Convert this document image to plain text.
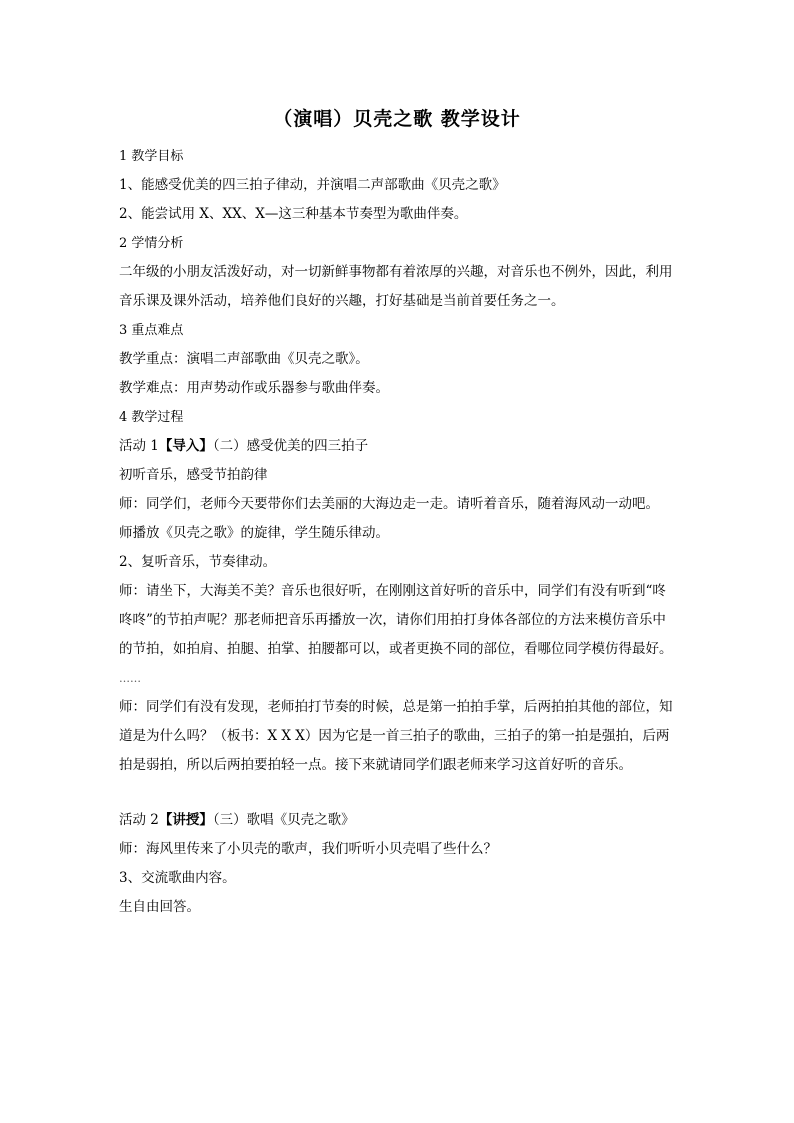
（演唱）贝壳之歌 教学设计

1 教学目标

1、能感受优美的四三拍子律动，并演唱二声部歌曲《贝壳之歌》

2、能尝试用 X、XX、X—这三种基本节奏型为歌曲伴奏。

2 学情分析

二年级的小朋友活泼好动，对一切新鲜事物都有着浓厚的兴趣，对音乐也不例外，因此，利用音乐课及课外活动，培养他们良好的兴趣，打好基础是当前首要任务之一。

3 重点难点

教学重点：演唱二声部歌曲《贝壳之歌》。

教学难点：用声势动作或乐器参与歌曲伴奏。

4 教学过程

活动 1【导入】（二）感受优美的四三拍子

初听音乐，感受节拍韵律

师：同学们，老师今天要带你们去美丽的大海边走一走。请听着音乐，随着海风动一动吧。

师播放《贝壳之歌》的旋律，学生随乐律动。

2、复听音乐，节奏律动。

师：请坐下，大海美不美？音乐也很好听，在刚刚这首好听的音乐中，同学们有没有听到“咚咚咚”的节拍声呢？那老师把音乐再播放一次，请你们用拍打身体各部位的方法来模仿音乐中的节拍，如拍肩、拍腿、拍掌、拍腰都可以，或者更换不同的部位，看哪位同学模仿得最好。

……

师：同学们有没有发现，老师拍打节奏的时候，总是第一拍拍手掌，后两拍拍其他的部位，知道是为什么吗？（板书：X X X）因为它是一首三拍子的歌曲，三拍子的第一拍是强拍，后两拍是弱拍，所以后两拍要拍轻一点。接下来就请同学们跟老师来学习这首好听的音乐。

活动 2【讲授】（三）歌唱《贝壳之歌》

师：海风里传来了小贝壳的歌声，我们听听小贝壳唱了些什么？

3、交流歌曲内容。

生自由回答。
